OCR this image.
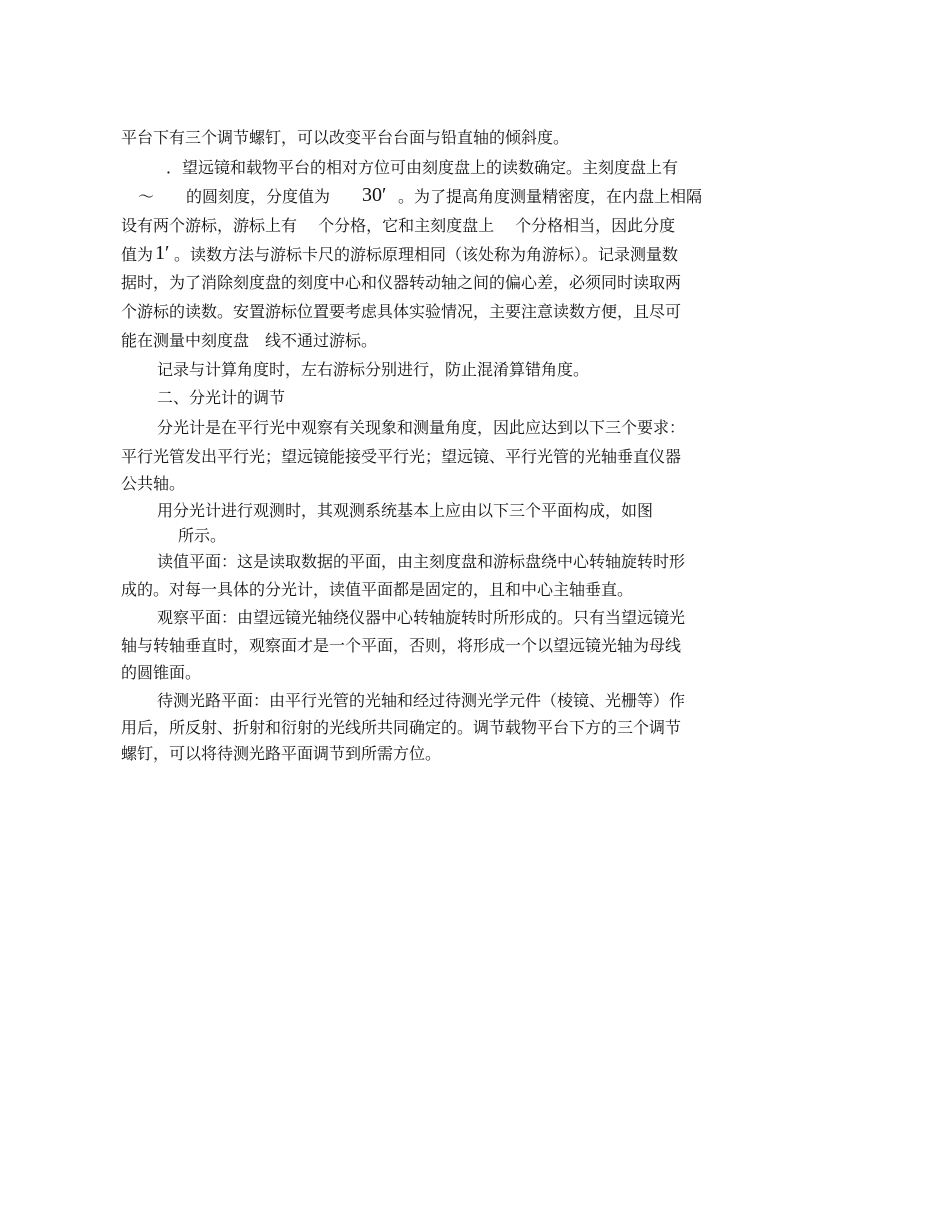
平台下有三个调节螺钉，可以改变平台台面与铅直轴的倾斜度。
．望远镜和载物平台的相对方位可由刻度盘上的读数确定。主刻度盘上有
～　　的圆刻度，分度值为 30′ 。为了提高角度测量精密度，在内盘上相隔
设有两个游标，游标上有　 个分格，它和主刻度盘上　 个分格相当，因此分度
值为 1′ 。读数方法与游标卡尺的游标原理相同（该处称为角游标）。记录测量数
据时，为了消除刻度盘的刻度中心和仪器转动轴之间的偏心差，必须同时读取两
个游标的读数。安置游标位置要考虑具体实验情况，主要注意读数方便，且尽可
能在测量中刻度盘　线不通过游标。
记录与计算角度时，左右游标分别进行，防止混淆算错角度。
二、分光计的调节
分光计是在平行光中观察有关现象和测量角度，因此应达到以下三个要求：
平行光管发出平行光；望远镜能接受平行光；望远镜、平行光管的光轴垂直仪器
公共轴。
用分光计进行观测时，其观测系统基本上应由以下三个平面构成，如图
所示。
读值平面：这是读取数据的平面，由主刻度盘和游标盘绕中心转轴旋转时形
成的。对每一具体的分光计，读值平面都是固定的，且和中心主轴垂直。
观察平面：由望远镜光轴绕仪器中心转轴旋转时所形成的。只有当望远镜光
轴与转轴垂直时，观察面才是一个平面，否则，将形成一个以望远镜光轴为母线
的圆锥面。
待测光路平面：由平行光管的光轴和经过待测光学元件（棱镜、光栅等）作
用后，所反射、折射和衍射的光线所共同确定的。调节载物平台下方的三个调节
螺钉，可以将待测光路平面调节到所需方位。
